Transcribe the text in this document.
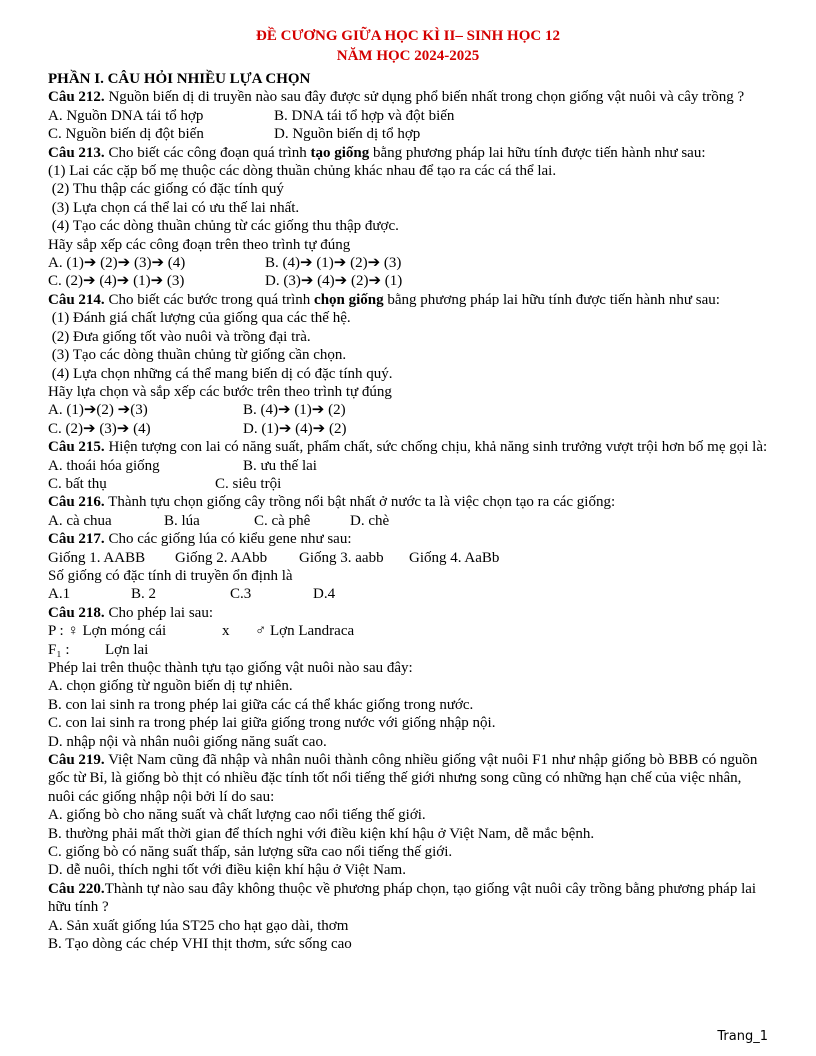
ĐỀ CƯƠNG GIỮA HỌC KÌ II– SINH HỌC 12
NĂM HỌC 2024-2025
PHẦN I. CÂU HỎI NHIỀU LỰA CHỌN
Câu 212. Nguồn biến dị di truyền nào sau đây được sử dụng phổ biến nhất trong chọn giống vật nuôi và cây trồng ?
A. Nguồn DNA tái tổ hợp	B. DNA tái tổ hợp và đột biến
C. Nguồn biến dị đột biến	D. Nguồn biến dị tổ hợp
Câu 213. Cho biết các công đoạn quá trình tạo giống bằng phương pháp lai hữu tính được tiến hành như sau:
(1) Lai các cặp bố mẹ thuộc các dòng thuần chủng khác nhau để tạo ra các cá thể lai.
(2) Thu thập các giống có đặc tính quý
(3) Lựa chọn cá thể lai có ưu thế lai nhất.
(4) Tạo các dòng thuần chủng từ các giống thu thập được.
Hãy sắp xếp các công đoạn trên theo trình tự đúng
A. (1)➔ (2)➔ (3)➔ (4)	B. (4)➔ (1)➔ (2)➔ (3)
C. (2)➔ (4)➔ (1)➔ (3)	D. (3)➔ (4)➔ (2)➔ (1)
Câu 214. Cho biết các bước trong quá trình chọn giống bằng phương pháp lai hữu tính được tiến hành như sau:
(1) Đánh giá chất lượng của giống qua các thế hệ.
(2) Đưa giống tốt vào nuôi và trồng đại trà.
(3) Tạo các dòng thuần chủng từ giống cần chọn.
(4) Lựa chọn những cá thể mang biến dị có đặc tính quý.
Hãy lựa chọn và sắp xếp các bước trên theo trình tự đúng
A. (1)➔(2) ➔(3)	B. (4)➔ (1)➔ (2)
C. (2)➔ (3)➔ (4)	D. (1)➔ (4)➔ (2)
Câu 215. Hiện tượng con lai có năng suất, phẩm chất, sức chống chịu, khả năng sinh trưởng vượt trội hơn bố mẹ gọi là:
A. thoái hóa giống	B. ưu thế lai
C. bất thụ	C. siêu trội
Câu 216. Thành tựu chọn giống cây trồng nổi bật nhất ở nước ta là việc chọn tạo ra các giống:
A. cà chua	B. lúa	C. cà phê	D. chè
Câu 217. Cho các giống lúa có kiểu gene như sau:
Giống 1. AABB Giống 2. AAbb Giống 3. aabb Giống 4. AaBb
Số giống có đặc tính di truyền ổn định là
A.1	B. 2	C.3	D.4
Câu 218. Cho phép lai sau:
P : ♀ Lợn móng cái	x ♂ Lợn Landraca
F₁ : Lợn lai
Phép lai trên thuộc thành tựu tạo giống vật nuôi nào sau đây:
A. chọn giống từ nguồn biến dị tự nhiên.
B. con lai sinh ra trong phép lai giữa các cá thể khác giống trong nước.
C. con lai sinh ra trong phép lai giữa giống trong nước với giống nhập nội.
D. nhập nội và nhân nuôi giống năng suất cao.
Câu 219. Việt Nam cũng đã nhập và nhân nuôi thành công nhiều giống vật nuôi F1 như nhập giống bò BBB có nguồn gốc từ Bỉ, là giống bò thịt có nhiều đặc tính tốt nổi tiếng thế giới nhưng song cũng có những hạn chế của việc nhân, nuôi các giống nhập nội bởi lí do sau:
A. giống bò cho năng suất và chất lượng cao nổi tiếng thế giới.
B. thường phải mất thời gian để thích nghi với điều kiện khí hậu ở Việt Nam, dễ mắc bệnh.
C. giống bò có năng suất thấp, sản lượng sữa cao nổi tiếng thế giới.
D. dễ nuôi, thích nghi tốt với điều kiện khí hậu ở Việt Nam.
Câu 220.Thành tự nào sau đây không thuộc về phương pháp chọn, tạo giống vật nuôi cây trồng bằng phương pháp lai hữu tính ?
A. Sản xuất giống lúa ST25 cho hạt gạo dài, thơm
B. Tạo dòng các chép VHI thịt thơm, sức sống cao
Trang_1
